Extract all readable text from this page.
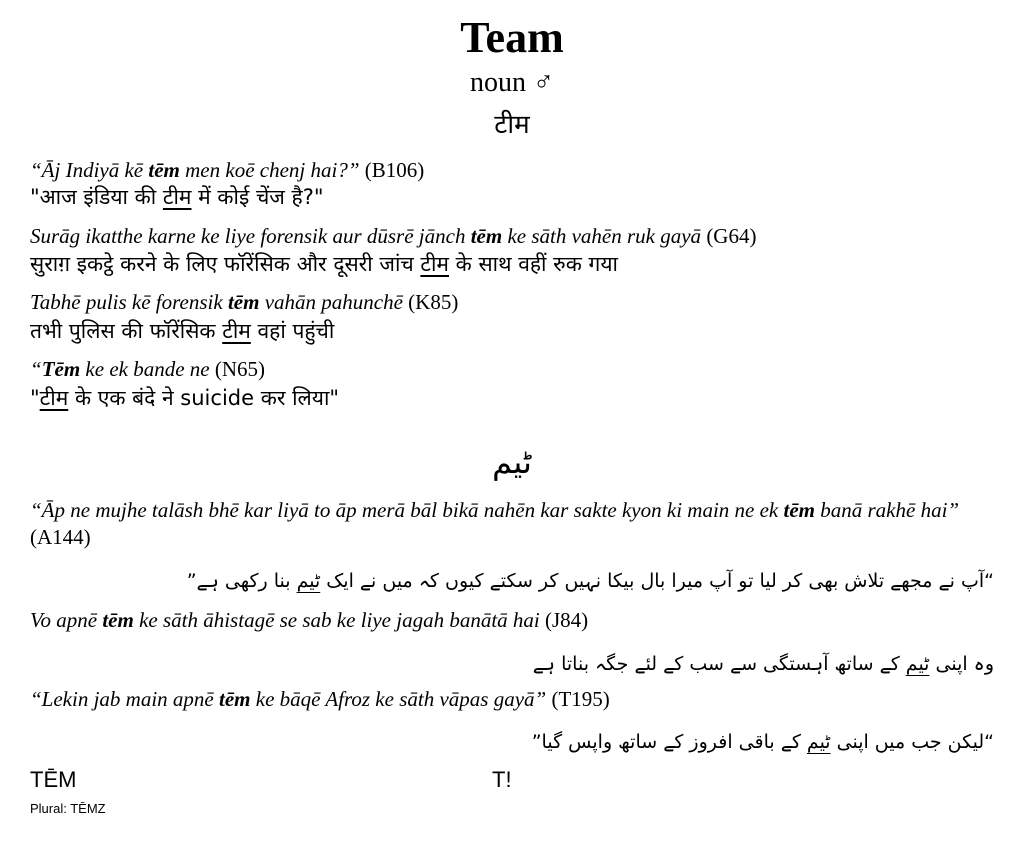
Team
noun ♂
टीम
“Āj Indiyā kē tēm men koē chenj hai?” (B106)
"आज इंडिया की टीम में कोई चेंज है?"
Surāg ikatthe karne ke liye forensik aur dūsrē jānch tēm ke sāth vahēn ruk gayā (G64)
सुराग़ इकट्ठे करने के लिए फॉरेंसिक और दूसरी जांच टीम के साथ वहीं रुक गया
Tabhē pulis kē forensik tēm vahān pahunchē (K85)
तभी पुलिस की फॉरेंसिक टीम वहां पहुंची
“Tēm ke ek bande ne (N65)
"टीम के एक बंदे ने suicide कर लिया"
ٹیم
“Āp ne mujhe talāsh bhē kar liyā to āp merā bāl bikā nahēn kar sakte kyon ki main ne ek tēm banā rakhē hai” (A144)
“آپ نے مجھے تلاش بھی کر لیا تو آپ میرا بال بیکا نہیں کر سکتے کیوں کہ میں نے ایک ٹیم بنا رکھی ہے”
Vo apnē tēm ke sāth āhistagē se sab ke liye jagah banātā hai (J84)
وہ اپنی ٹیم کے ساتھ آہستگی سے سب کے لئے جگہ بناتا ہے
“Lekin jab main apnē tēm ke bāqē Afroz ke sāth vāpas gayā” (T195)
“لیکن جب میں اپنی ٹیم کے باقی افروز کے ساتھ واپس گیا”
TĒM
Plural: TĒMZ
T!
